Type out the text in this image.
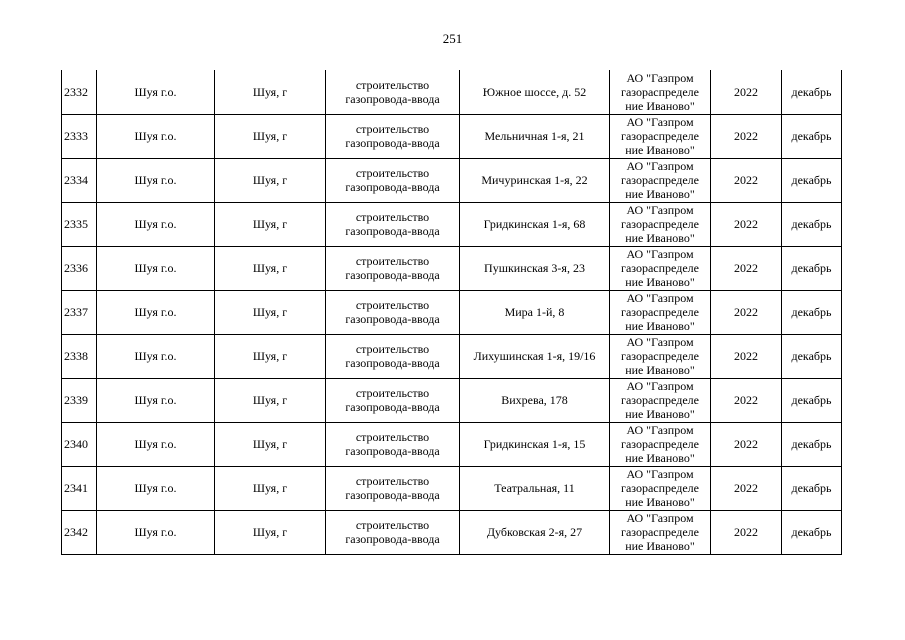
251
2332	Шуя г.о.	Шуя, г	строительство
газопровода-ввода	Южное шоссе, д. 52	АО "Газпром
газораспределе
ние Иваново"	2022	декабрь
2333	Шуя г.о.	Шуя, г	строительство
газопровода-ввода	Мельничная 1-я, 21	АО "Газпром
газораспределе
ние Иваново"	2022	декабрь
2334	Шуя г.о.	Шуя, г	строительство
газопровода-ввода	Мичуринская 1-я, 22	АО "Газпром
газораспределе
ние Иваново"	2022	декабрь
2335	Шуя г.о.	Шуя, г	строительство
газопровода-ввода	Гридкинская 1-я, 68	АО "Газпром
газораспределе
ние Иваново"	2022	декабрь
2336	Шуя г.о.	Шуя, г	строительство
газопровода-ввода	Пушкинская 3-я, 23	АО "Газпром
газораспределе
ние Иваново"	2022	декабрь
2337	Шуя г.о.	Шуя, г	строительство
газопровода-ввода	Мира 1-й, 8	АО "Газпром
газораспределе
ние Иваново"	2022	декабрь
2338	Шуя г.о.	Шуя, г	строительство
газопровода-ввода	Лихушинская 1-я, 19/16	АО "Газпром
газораспределе
ние Иваново"	2022	декабрь
2339	Шуя г.о.	Шуя, г	строительство
газопровода-ввода	Вихрева, 178	АО "Газпром
газораспределе
ние Иваново"	2022	декабрь
2340	Шуя г.о.	Шуя, г	строительство
газопровода-ввода	Гридкинская 1-я, 15	АО "Газпром
газораспределе
ние Иваново"	2022	декабрь
2341	Шуя г.о.	Шуя, г	строительство
газопровода-ввода	Театральная, 11	АО "Газпром
газораспределе
ние Иваново"	2022	декабрь
2342	Шуя г.о.	Шуя, г	строительство
газопровода-ввода	Дубковская 2-я, 27	АО "Газпром
газораспределе
ние Иваново"	2022	декабрь
